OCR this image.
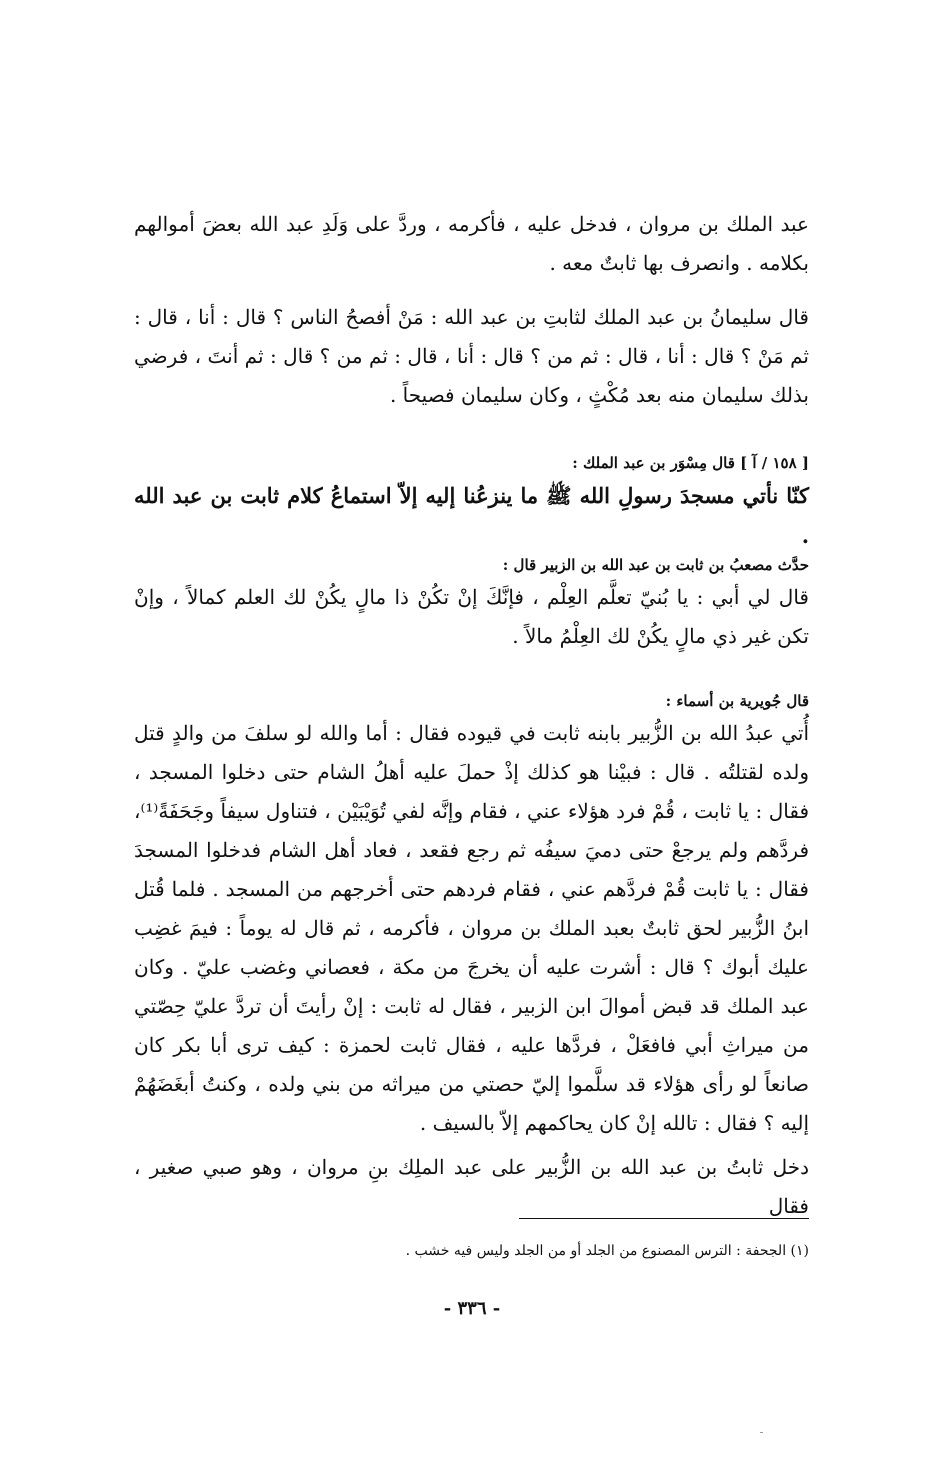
عبد الملك بن مروان ، فدخل عليه ، فأكرمه ، وردَّ على وَلَدِ عبد الله بعضَ أموالهم بكلامه . وانصرف بها ثابتٌ معه .

قال سليمانُ بن عبد الملك لثابتِ بن عبد الله : مَنْ أفصحُ الناس ؟ قال : أنا ، قال : ثم مَنْ ؟ قال : أنا ، قال : ثم من ؟ قال : أنا ، قال : ثم من ؟ قال : ثم أنتَ ، فرضي بذلك سليمان منه بعد مُكْثٍ ، وكان سليمان فصيحاً .

[ ١٥٨ / آ ] قال مِسْوَر بن عبد الملك :

كنّا نأتي مسجدَ رسولِ الله ﷺ ما ينزعُنا إليه إلاّ استماعُ كلام ثابت بن عبد الله .

حدَّث مصعبُ بن ثابت بن عبد الله بن الزبير قال :

قال لي أبي : يا بُنيّ تعلَّم العِلْم ، فإنَّكَ إنْ تكُنْ ذا مالٍ يكُنْ لك العلم كمالاً ، وإنْ تكن غير ذي مالٍ يكُنْ لك العِلْمُ مالاً .

قال جُويرية بن أسماء :

أُتي عبدُ الله بن الزُّبير بابنه ثابت في قيوده فقال : أما والله لو سلفَ من والدٍ قتل ولده لقتلتُه . قال : فبيْنا هو كذلك إذْ حملَ عليه أهلُ الشام حتى دخلوا المسجد ، فقال : يا ثابت ، قُمْ فرد هؤلاء عني ، فقام وإنَّه لفي تُوَيْبَيْن ، فتناول سيفاً وجَحَفَةً⁽¹⁾، فردَّهم ولم يرجعْ حتى دميَ سيفُه ثم رجع فقعد ، فعاد أهل الشام فدخلوا المسجدَ فقال : يا ثابت قُمْ فردَّهم عني ، فقام فردهم حتى أخرجهم من المسجد . فلما قُتل ابنُ الزُّبير لحق ثابتٌ بعبد الملك بن مروان ، فأكرمه ، ثم قال له يوماً : فيمَ غضِب عليك أبوك ؟ قال : أشرت عليه أن يخرجَ من مكة ، فعصاني وغضب عليّ . وكان عبد الملك قد قبض أموالَ ابن الزبير ، فقال له ثابت : إنْ رأيتَ أن تردَّ عليّ حِصّتي من ميراثِ أبي فافعَلْ ، فردَّها عليه ، فقال ثابت لحمزة : كيف ترى أبا بكر كان صانعاً لو رأى هؤلاء قد سلَّموا إليّ حصتي من ميراثه من بني ولده ، وكنتُ أبغَضَهُمْ إليه ؟ فقال : تالله إنْ كان يحاكمهم إلاّ بالسيف .

دخل ثابتُ بن عبد الله بن الزُّبير على عبد الملِك بنِ مروان ، وهو صبي صغير ، فقال

(١) الجحفة : الترس المصنوع من الجلد أو من الجلد وليس فيه خشب .
- ٣٣٦ -
